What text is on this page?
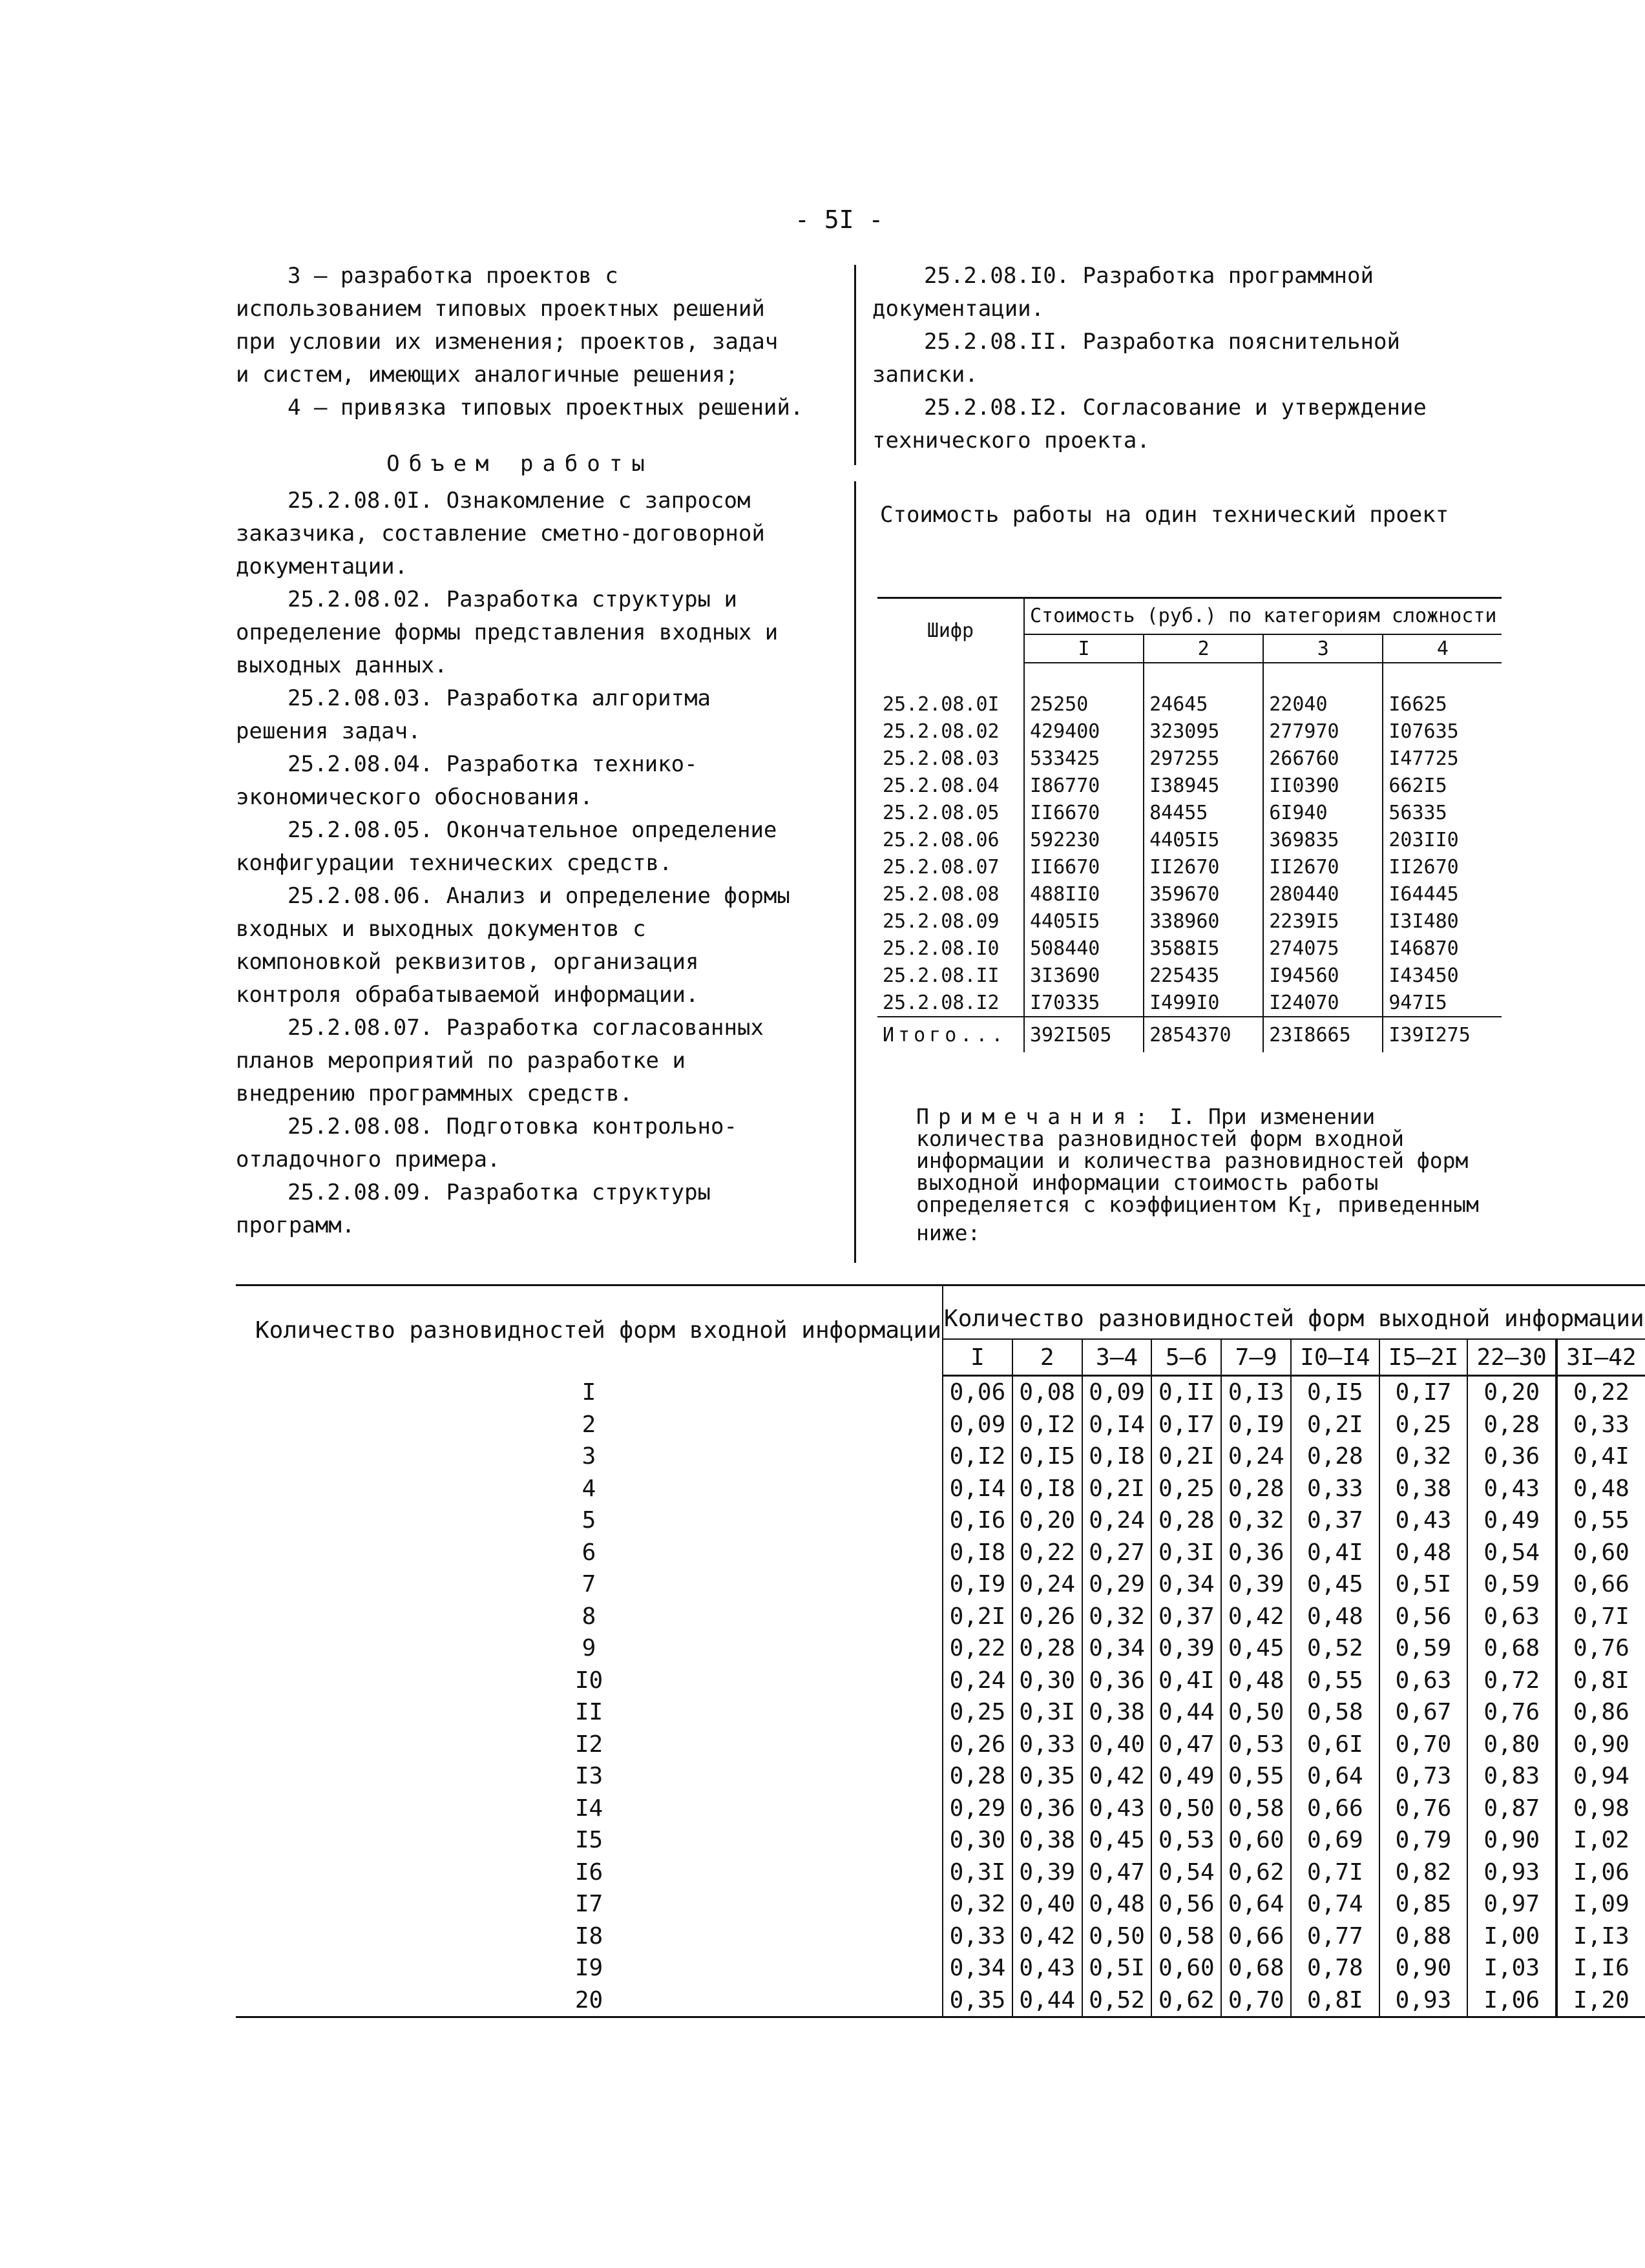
- 5I -

3 – разработка проектов с использованием типовых проектных решений при условии их изменения; проектов, задач и систем, имеющих аналогичные решения;

4 – привязка типовых проектных решений.

Объем работы

25.2.08.0I. Ознакомление с запросом заказчика, составление сметно-договорной документации.

25.2.08.02. Разработка структуры и определение формы представления входных и выходных данных.

25.2.08.03. Разработка алгоритма решения задач.

25.2.08.04. Разработка технико-экономического обоснования.

25.2.08.05. Окончательное определение конфигурации технических средств.

25.2.08.06. Анализ и определение формы входных и выходных документов с компоновкой реквизитов, организация контроля обрабатываемой информации.

25.2.08.07. Разработка согласованных планов мероприятий по разработке и внедрению программных средств.

25.2.08.08. Подготовка контрольно-отладочного примера.

25.2.08.09. Разработка структуры программ.

25.2.08.I0. Разработка программной документации.

25.2.08.II. Разработка пояснительной записки.

25.2.08.I2. Согласование и утверждение технического проекта.

Стоимость работы на один технический проект

Шифр	Стоимость (руб.) по категориям сложности			
	I	2	3	4

25.2.08.0I	25250	24645	22040	I6625
25.2.08.02	429400	323095	277970	I07635
25.2.08.03	533425	297255	266760	I47725
25.2.08.04	I86770	I38945	II0390	662I5
25.2.08.05	II6670	84455	6I940	56335
25.2.08.06	592230	4405I5	369835	203II0
25.2.08.07	II6670	II2670	II2670	II2670
25.2.08.08	488II0	359670	280440	I64445
25.2.08.09	4405I5	338960	2239I5	I3I480
25.2.08.I0	508440	3588I5	274075	I46870
25.2.08.II	3I3690	225435	I94560	I43450
25.2.08.I2	I70335	I499I0	I24070	947I5
Итого...	392I505	2854370	23I8665	I39I275
Примечания: I. При изменении количества разновидностей форм входной информации и количества разновидностей форм выходной информации стоимость работы определяется с коэффициентом $K_I$, приведенным ниже:
Количество разновидностей форм входной информации	Количество разновидностей форм выходной информации								
	I	2	3–4	5–6	7–9	I0–I4	I5–2I	22–30	3I–42
I	0,06	0,08	0,09	0,II	0,I3	0,I5	0,I7	0,20	0,22
2	0,09	0,I2	0,I4	0,I7	0,I9	0,2I	0,25	0,28	0,33
3	0,I2	0,I5	0,I8	0,2I	0,24	0,28	0,32	0,36	0,4I
4	0,I4	0,I8	0,2I	0,25	0,28	0,33	0,38	0,43	0,48
5	0,I6	0,20	0,24	0,28	0,32	0,37	0,43	0,49	0,55
6	0,I8	0,22	0,27	0,3I	0,36	0,4I	0,48	0,54	0,60
7	0,I9	0,24	0,29	0,34	0,39	0,45	0,5I	0,59	0,66
8	0,2I	0,26	0,32	0,37	0,42	0,48	0,56	0,63	0,7I
9	0,22	0,28	0,34	0,39	0,45	0,52	0,59	0,68	0,76
I0	0,24	0,30	0,36	0,4I	0,48	0,55	0,63	0,72	0,8I
II	0,25	0,3I	0,38	0,44	0,50	0,58	0,67	0,76	0,86
I2	0,26	0,33	0,40	0,47	0,53	0,6I	0,70	0,80	0,90
I3	0,28	0,35	0,42	0,49	0,55	0,64	0,73	0,83	0,94
I4	0,29	0,36	0,43	0,50	0,58	0,66	0,76	0,87	0,98
I5	0,30	0,38	0,45	0,53	0,60	0,69	0,79	0,90	I,02
I6	0,3I	0,39	0,47	0,54	0,62	0,7I	0,82	0,93	I,06
I7	0,32	0,40	0,48	0,56	0,64	0,74	0,85	0,97	I,09
I8	0,33	0,42	0,50	0,58	0,66	0,77	0,88	I,00	I,I3
I9	0,34	0,43	0,5I	0,60	0,68	0,78	0,90	I,03	I,I6
20	0,35	0,44	0,52	0,62	0,70	0,8I	0,93	I,06	I,20
